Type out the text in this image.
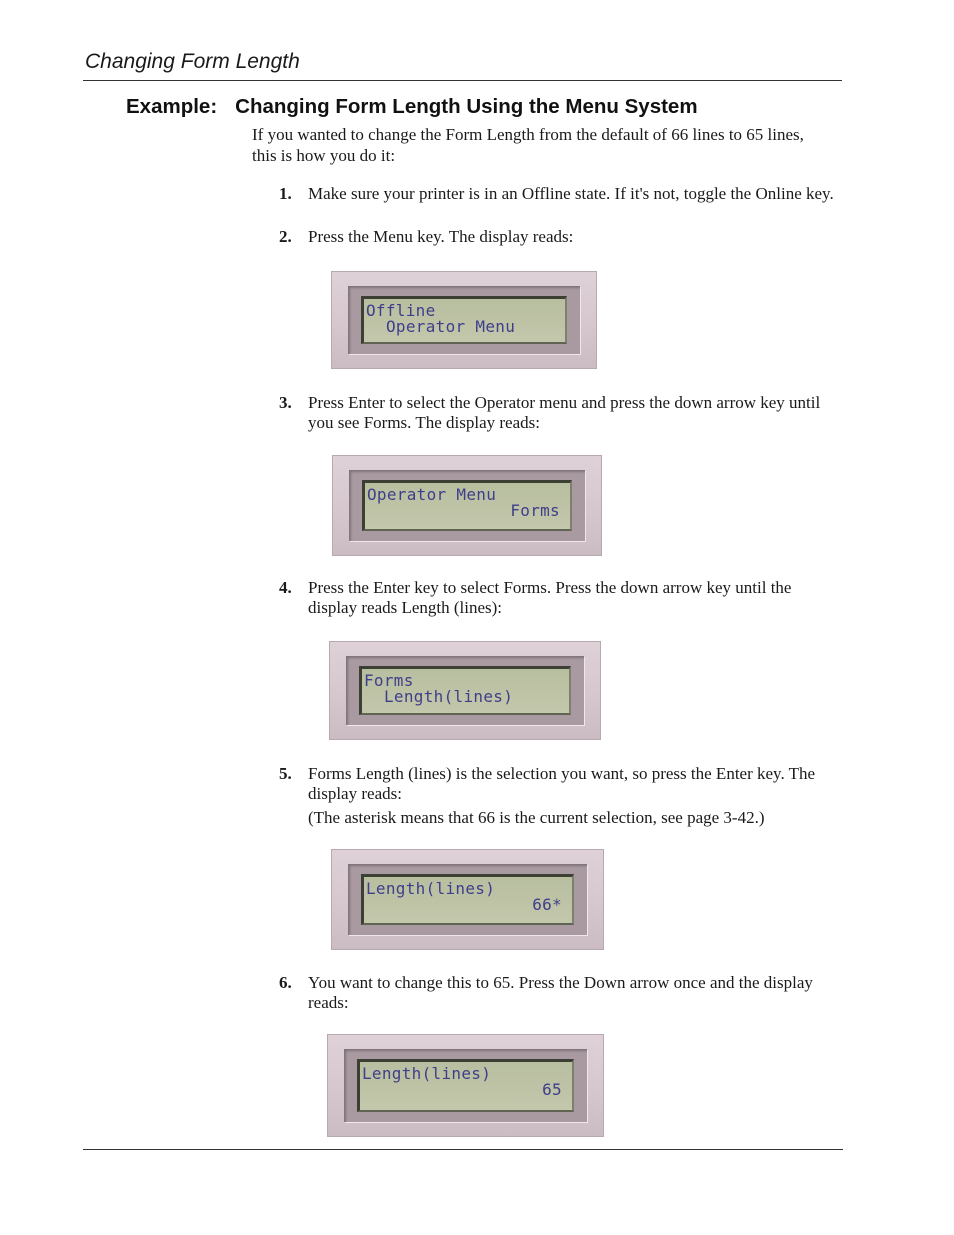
Changing Form Length
Example: Changing Form Length Using the Menu System
If you wanted to change the Form Length from the default of 66 lines to 65 lines, this is how you do it:
1. Make sure your printer is in an Offline state. If it's not, toggle the Online key.
2. Press the Menu key. The display reads:
Offline
Operator Menu
3. Press Enter to select the Operator menu and press the down arrow key until you see Forms. The display reads:
Operator Menu
Forms
4. Press the Enter key to select Forms. Press the down arrow key until the display reads Length (lines):
Forms
Length(lines)
5. Forms Length (lines) is the selection you want, so press the Enter key. The display reads:
(The asterisk means that 66 is the current selection, see page 3-42.)
Length(lines)
66*
6. You want to change this to 65. Press the Down arrow once and the display reads:
Length(lines)
65
